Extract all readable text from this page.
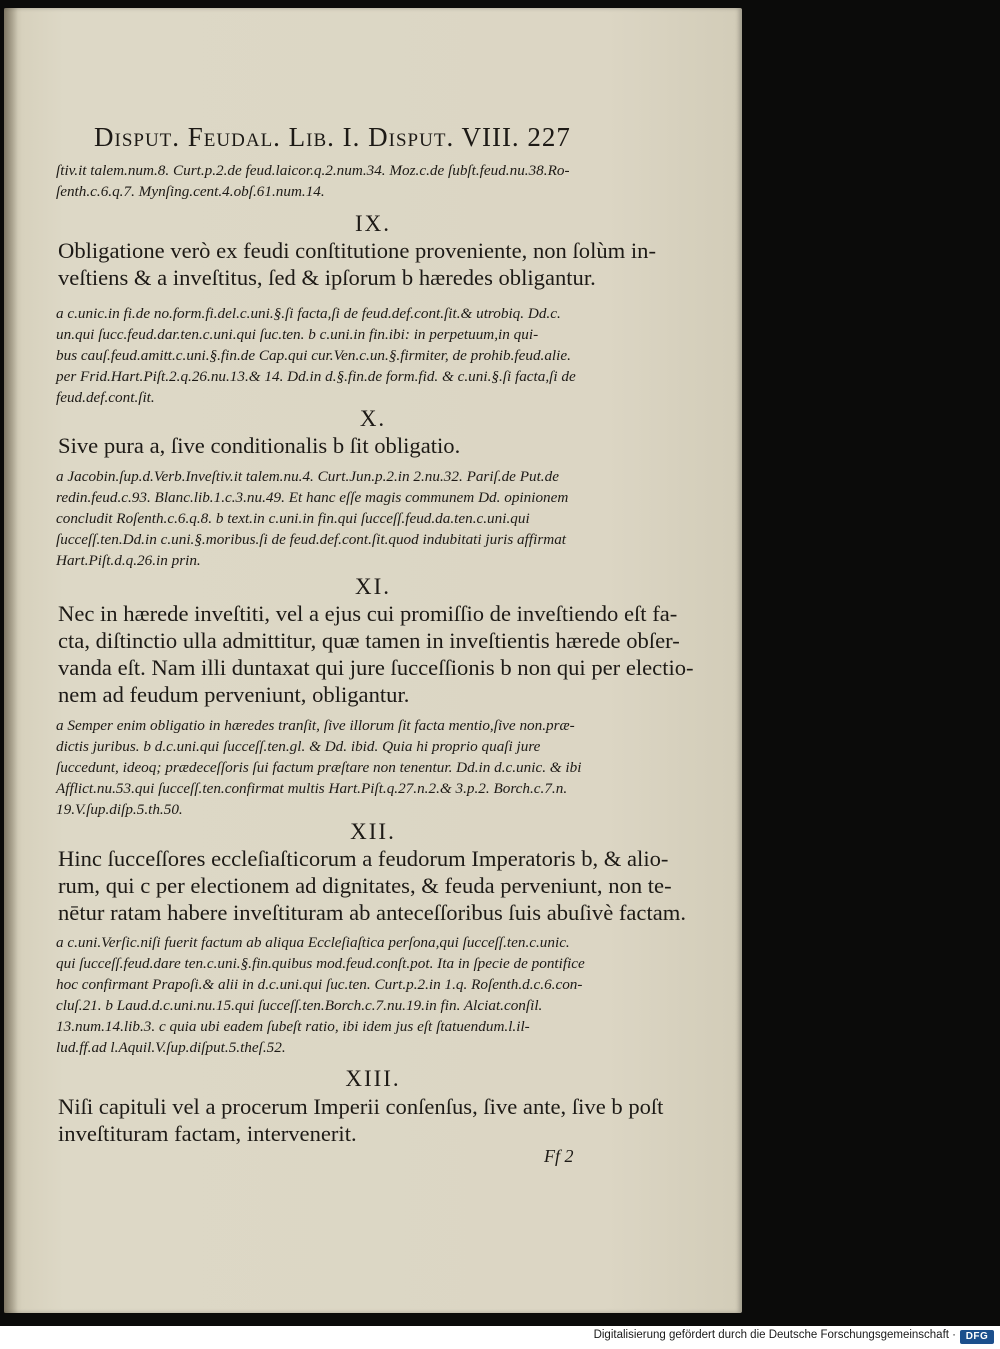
Disput. Feudal. Lib. I. Disput. VIII. 227
ſtiv.it talem.num.8. Curt.p.2.de feud.laicor.q.2.num.34. Moz.c.de ſubſt.feud.nu.38.Ro-
ſenth.c.6.q.7. Mynſing.cent.4.obſ.61.num.14.
IX.
Obligatione verò ex feudi conſtitutione proveniente, non ſolùm in-
veſtiens & a inveſtitus, ſed & ipſorum b hæredes obligantur.
a c.unic.in fi.de no.form.fi.del.c.uni.§.ſi facta,ſi de feud.def.cont.ſit.& utrobiq. Dd.c.
un.qui ſucc.feud.dar.ten.c.uni.qui ſuc.ten. b c.uni.in fin.ibi: in perpetuum,in qui-
bus cauſ.feud.amitt.c.uni.§.fin.de Cap.qui cur.Ven.c.un.§.firmiter, de prohib.feud.alie.
per Frid.Hart.Piſt.2.q.26.nu.13.& 14. Dd.in d.§.fin.de form.fid. & c.uni.§.ſi facta,ſi de
feud.def.cont.ſit.
X.
Sive pura a, ſive conditionalis b ſit obligatio.
a Jacobin.ſup.d.Verb.Inveſtiv.it talem.nu.4. Curt.Jun.p.2.in 2.nu.32. Pariſ.de Put.de
redin.feud.c.93. Blanc.lib.1.c.3.nu.49. Et hanc eſſe magis communem Dd. opinionem
concludit Roſenth.c.6.q.8. b text.in c.uni.in fin.qui ſucceſſ.feud.da.ten.c.uni.qui
ſucceſſ.ten.Dd.in c.uni.§.moribus.ſi de feud.def.cont.ſit.quod indubitati juris affirmat
Hart.Piſt.d.q.26.in prin.
XI.
Nec in hærede inveſtiti, vel a ejus cui promiſſio de inveſtiendo eſt fa-
cta, diſtinctio ulla admittitur, quæ tamen in inveſtientis hærede obſer-
vanda eſt. Nam illi duntaxat qui jure ſucceſſionis b non qui per electio-
nem ad feudum perveniunt, obligantur.
a Semper enim obligatio in hæredes tranſit, ſive illorum ſit facta mentio,ſive non.præ-
dictis juribus. b d.c.uni.qui ſucceſſ.ten.gl. & Dd. ibid. Quia hi proprio quaſi jure
ſuccedunt, ideoq; prædeceſſoris ſui factum præſtare non tenentur. Dd.in d.c.unic. & ibi
Afflict.nu.53.qui ſucceſſ.ten.confirmat multis Hart.Piſt.q.27.n.2.& 3.p.2. Borch.c.7.n.
19.V.ſup.diſp.5.th.50.
XII.
Hinc ſucceſſores eccleſiaſticorum a feudorum Imperatoris b, & alio-
rum, qui c per electionem ad dignitates, & feuda perveniunt, non te-
nētur ratam habere inveſtituram ab anteceſſoribus ſuis abuſivè factam.
a c.uni.Verſic.niſi fuerit factum ab aliqua Eccleſiaſtica perſona,qui ſucceſſ.ten.c.unic.
qui ſucceſſ.feud.dare ten.c.uni.§.fin.quibus mod.feud.conſt.pot. Ita in ſpecie de pontifice
hoc confirmant Prapoſi.& alii in d.c.uni.qui ſuc.ten. Curt.p.2.in 1.q. Roſenth.d.c.6.con-
cluſ.21. b Laud.d.c.uni.nu.15.qui ſucceſſ.ten.Borch.c.7.nu.19.in fin. Alciat.conſil.
13.num.14.lib.3. c quia ubi eadem ſubeſt ratio, ibi idem jus eſt ſtatuendum.l.il-
lud.ff.ad l.Aquil.V.ſup.diſput.5.theſ.52.
XIII.
Niſi capituli vel a procerum Imperii conſenſus, ſive ante, ſive b poſt
inveſtituram factam, intervenerit.
Ff 2
Digitalisierung gefördert durch die Deutsche Forschungsgemeinschaft · DFG
